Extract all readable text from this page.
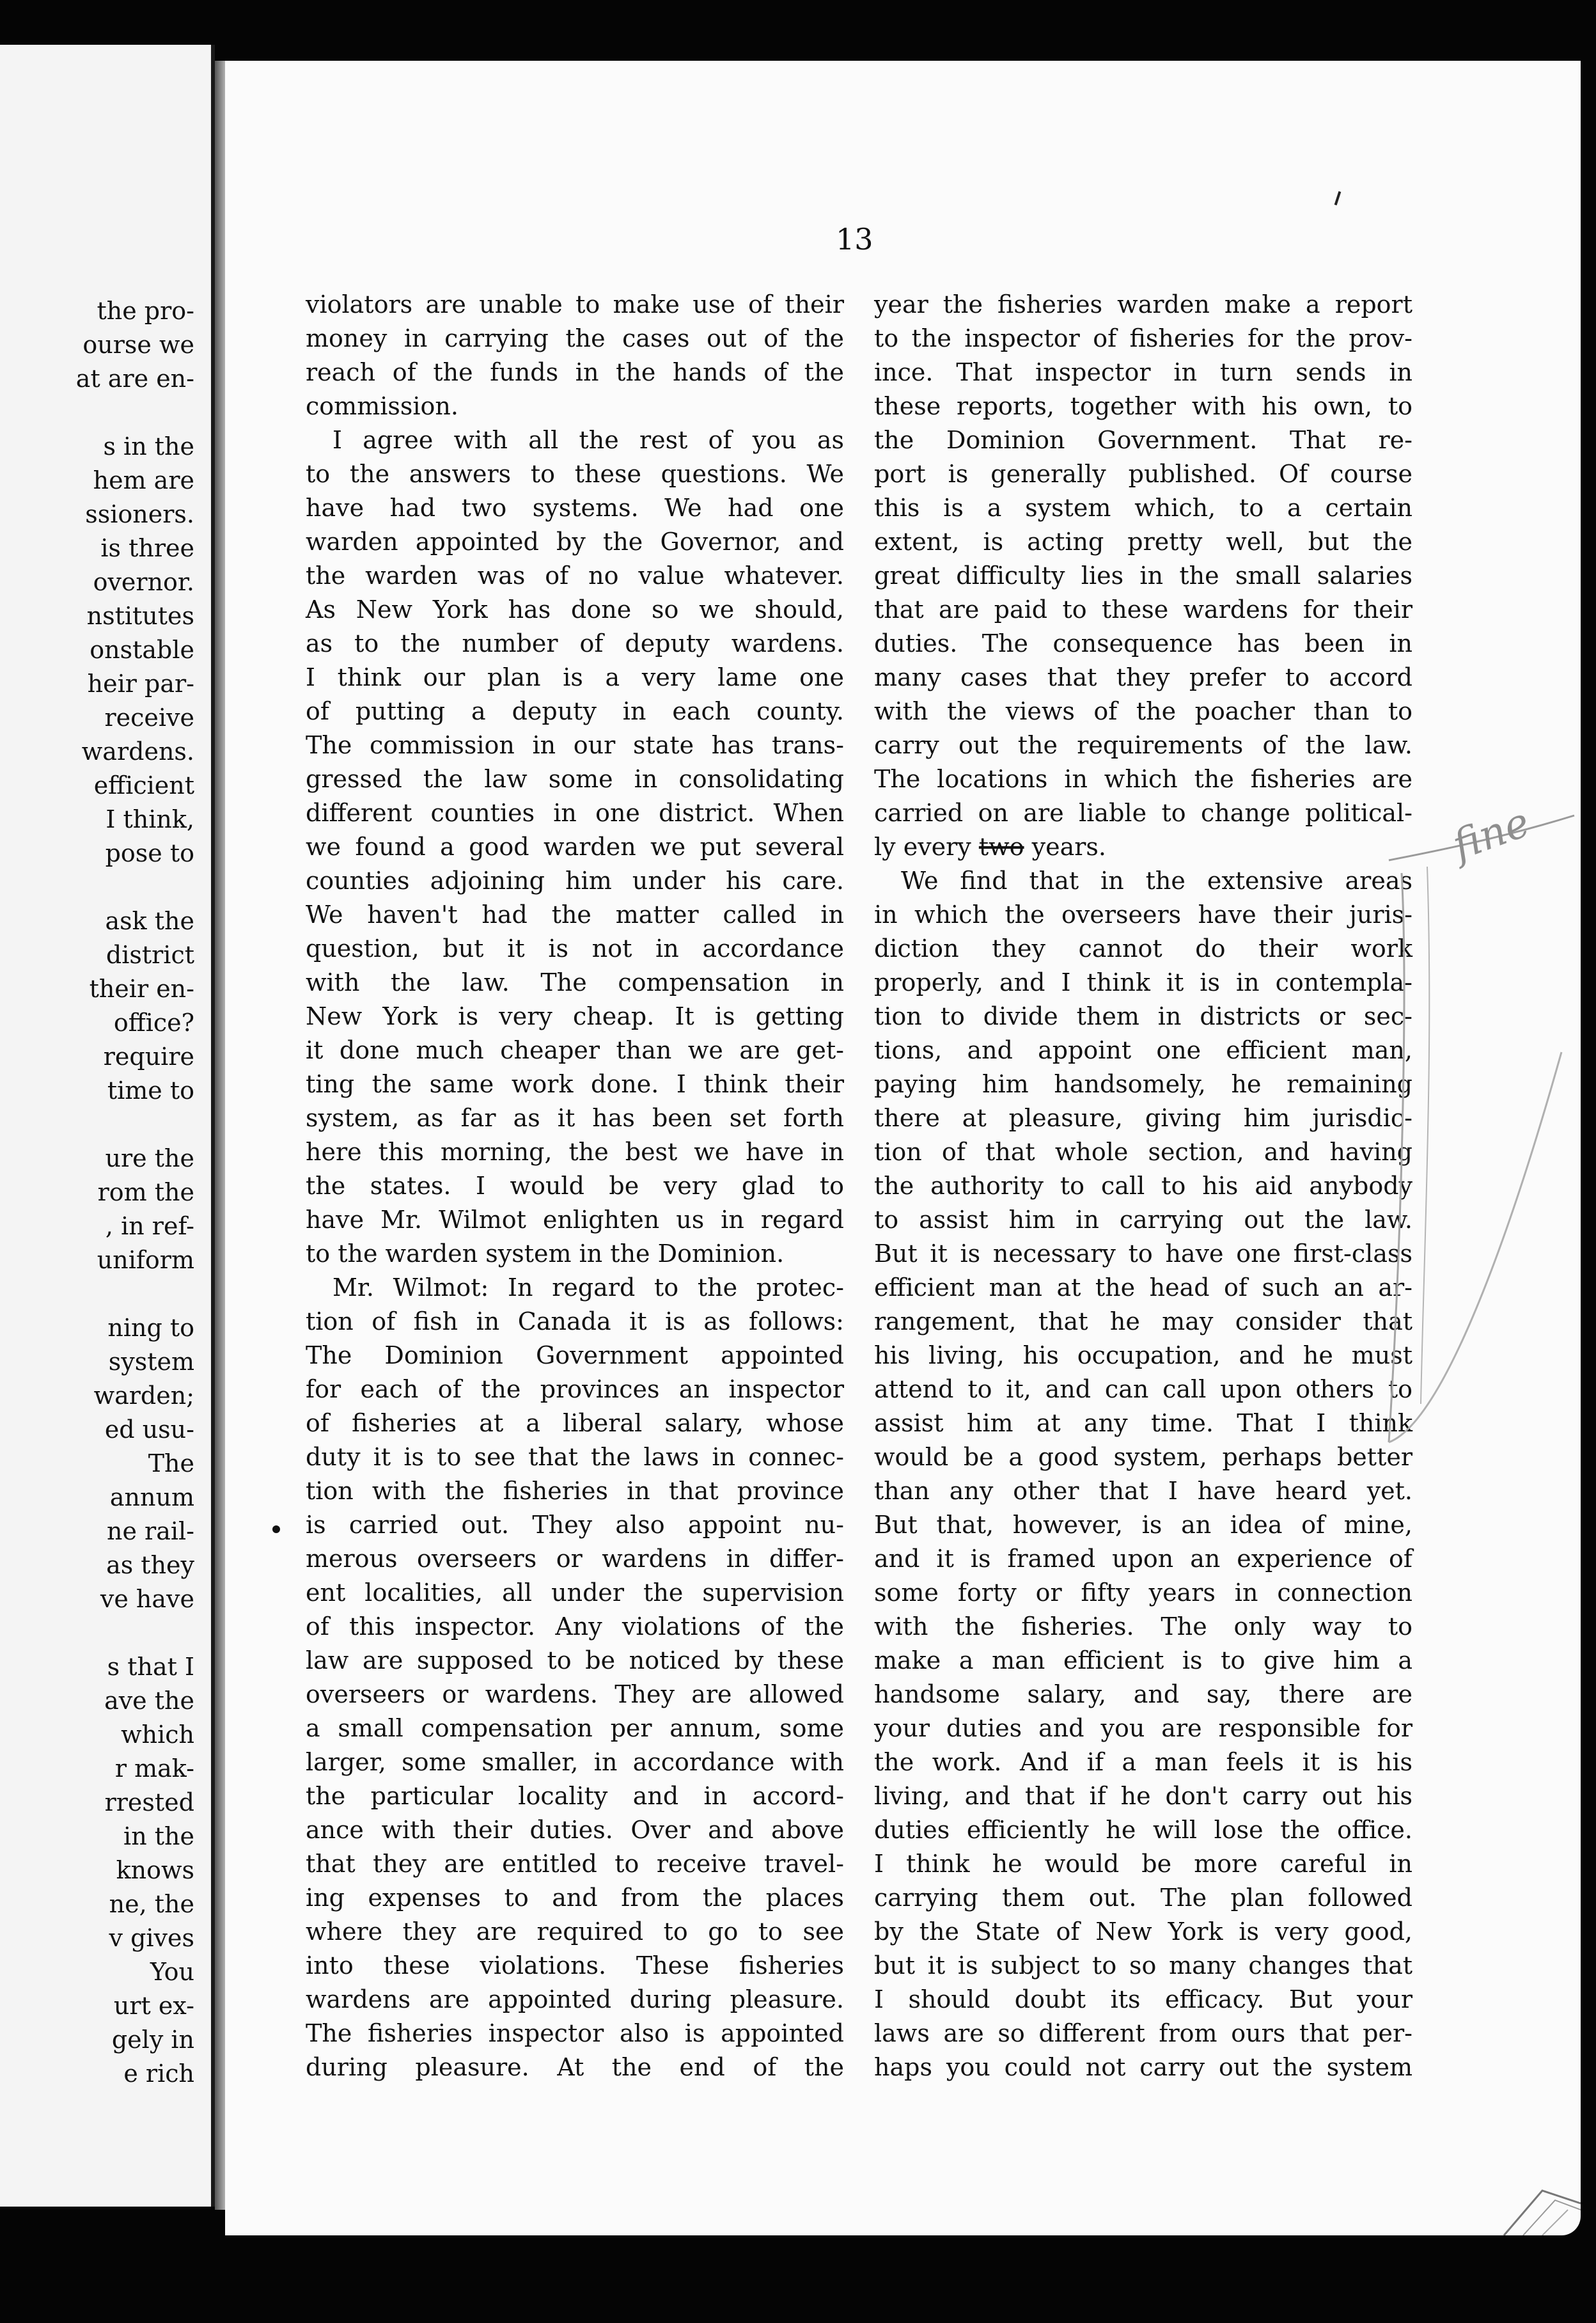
the pro-
ourse we
at are en-
s in the
hem are
ssioners.
is three
overnor.
nstitutes
onstable
heir par-
receive
wardens.
efficient
I think,
pose to
ask the
district
their en-
office?
require
time to
ure the
rom the
, in ref-
uniform
ning to
system
warden;
ed usu-
The
annum
ne rail-
as they
ve have
s that I
ave the
which
r mak-
rrested
in the
knows
ne, the
v gives
You
urt ex-
gely in
e rich
13
violators are unable to make use of their
money in carrying the cases out of the
reach of the funds in the hands of the
commission.
I agree with all the rest of you as
to the answers to these questions. We
have had two systems. We had one
warden appointed by the Governor, and
the warden was of no value whatever.
As New York has done so we should,
as to the number of deputy wardens.
I think our plan is a very lame one
of putting a deputy in each county.
The commission in our state has trans-
gressed the law some in consolidating
different counties in one district. When
we found a good warden we put several
counties adjoining him under his care.
We haven't had the matter called in
question, but it is not in accordance
with the law. The compensation in
New York is very cheap. It is getting
it done much cheaper than we are get-
ting the same work done. I think their
system, as far as it has been set forth
here this morning, the best we have in
the states. I would be very glad to
have Mr. Wilmot enlighten us in regard
to the warden system in the Dominion.
Mr. Wilmot: In regard to the protec-
tion of fish in Canada it is as follows:
The Dominion Government appointed
for each of the provinces an inspector
of fisheries at a liberal salary, whose
duty it is to see that the laws in connec-
tion with the fisheries in that province
is carried out. They also appoint nu-
merous overseers or wardens in differ-
ent localities, all under the supervision
of this inspector. Any violations of the
law are supposed to be noticed by these
overseers or wardens. They are allowed
a small compensation per annum, some
larger, some smaller, in accordance with
the particular locality and in accord-
ance with their duties. Over and above
that they are entitled to receive travel-
ing expenses to and from the places
where they are required to go to see
into these violations. These fisheries
wardens are appointed during pleasure.
The fisheries inspector also is appointed
during pleasure. At the end of the
year the fisheries warden make a report
to the inspector of fisheries for the prov-
ince. That inspector in turn sends in
these reports, together with his own, to
the Dominion Government. That re-
port is generally published. Of course
this is a system which, to a certain
extent, is acting pretty well, but the
great difficulty lies in the small salaries
that are paid to these wardens for their
duties. The consequence has been in
many cases that they prefer to accord
with the views of the poacher than to
carry out the requirements of the law.
The locations in which the fisheries are
carried on are liable to change political-
ly every two years.
We find that in the extensive areas
in which the overseers have their juris-
diction they cannot do their work
properly, and I think it is in contempla-
tion to divide them in districts or sec-
tions, and appoint one efficient man,
paying him handsomely, he remaining
there at pleasure, giving him jurisdic-
tion of that whole section, and having
the authority to call to his aid anybody
to assist him in carrying out the law.
But it is necessary to have one first-class
efficient man at the head of such an ar-
rangement, that he may consider that
his living, his occupation, and he must
attend to it, and can call upon others to
assist him at any time. That I think
would be a good system, perhaps better
than any other that I have heard yet.
But that, however, is an idea of mine,
and it is framed upon an experience of
some forty or fifty years in connection
with the fisheries. The only way to
make a man efficient is to give him a
handsome salary, and say, there are
your duties and you are responsible for
the work. And if a man feels it is his
living, and that if he don't carry out his
duties efficiently he will lose the office.
I think he would be more careful in
carrying them out. The plan followed
by the State of New York is very good,
but it is subject to so many changes that
I should doubt its efficacy. But your
laws are so different from ours that per-
haps you could not carry out the system
fine
